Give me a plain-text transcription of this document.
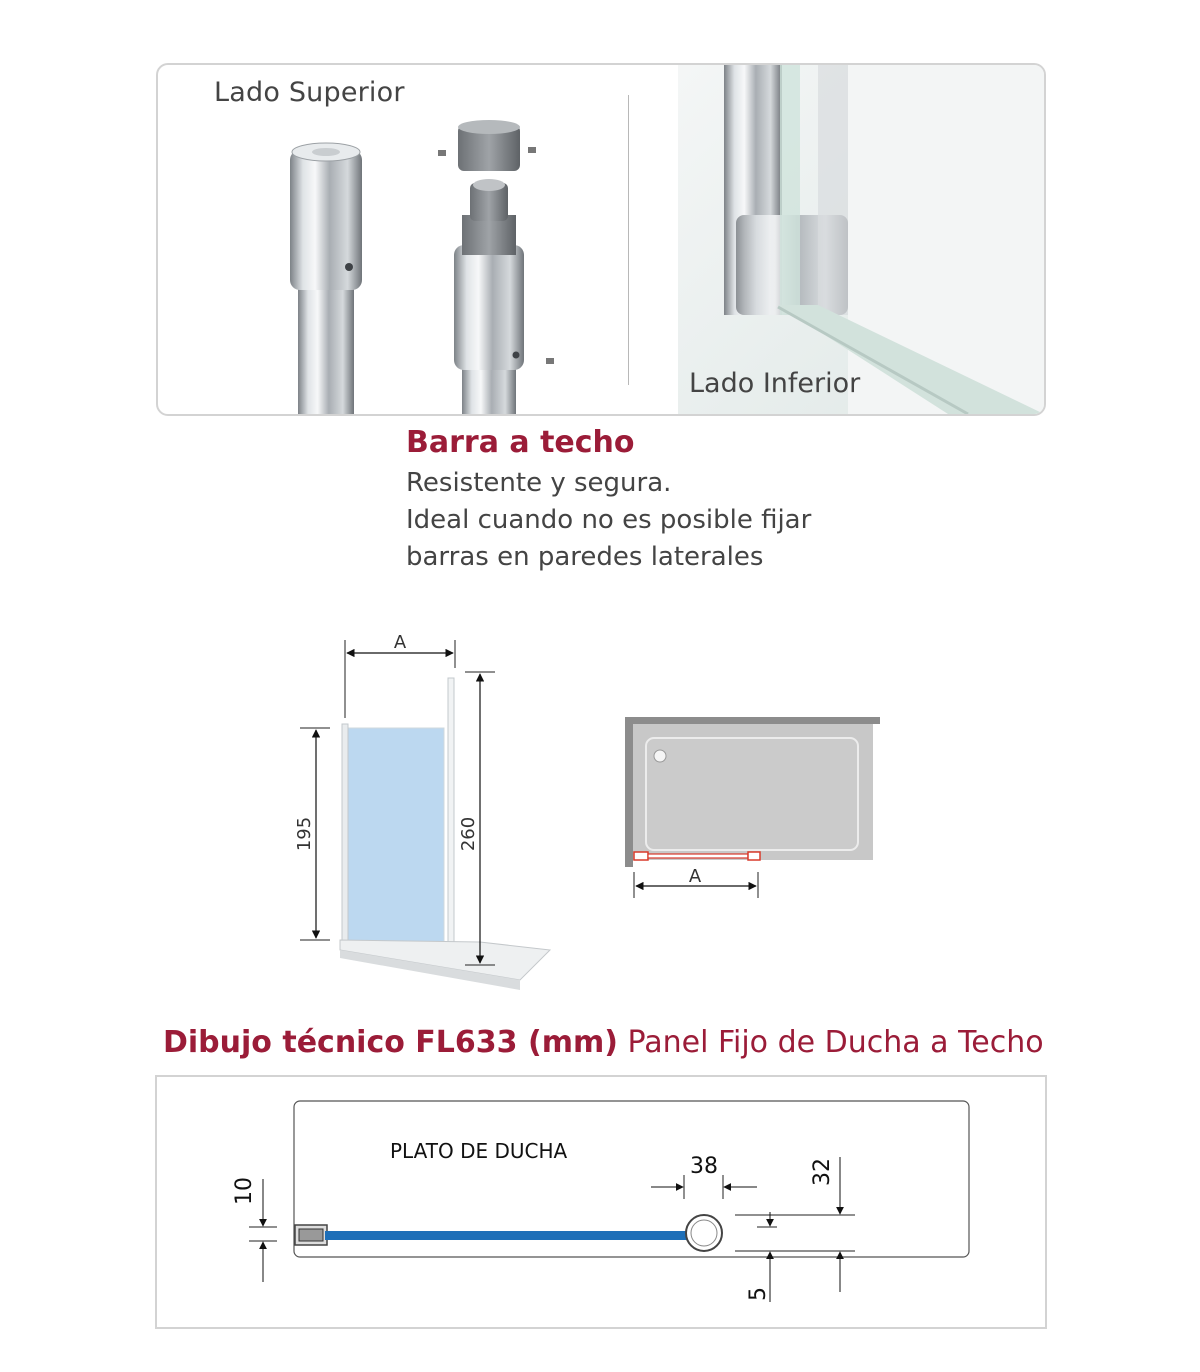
Lado Superior
Lado Inferior
Barra a techo
Resistente y segura.
Ideal cuando no es posible fijar
barras en paredes laterales
A
195	260
A
Dibujo técnico FL633 (mm) Panel Fijo de Ducha a Techo
PLATO DE DUCHA
10
38	32
5
